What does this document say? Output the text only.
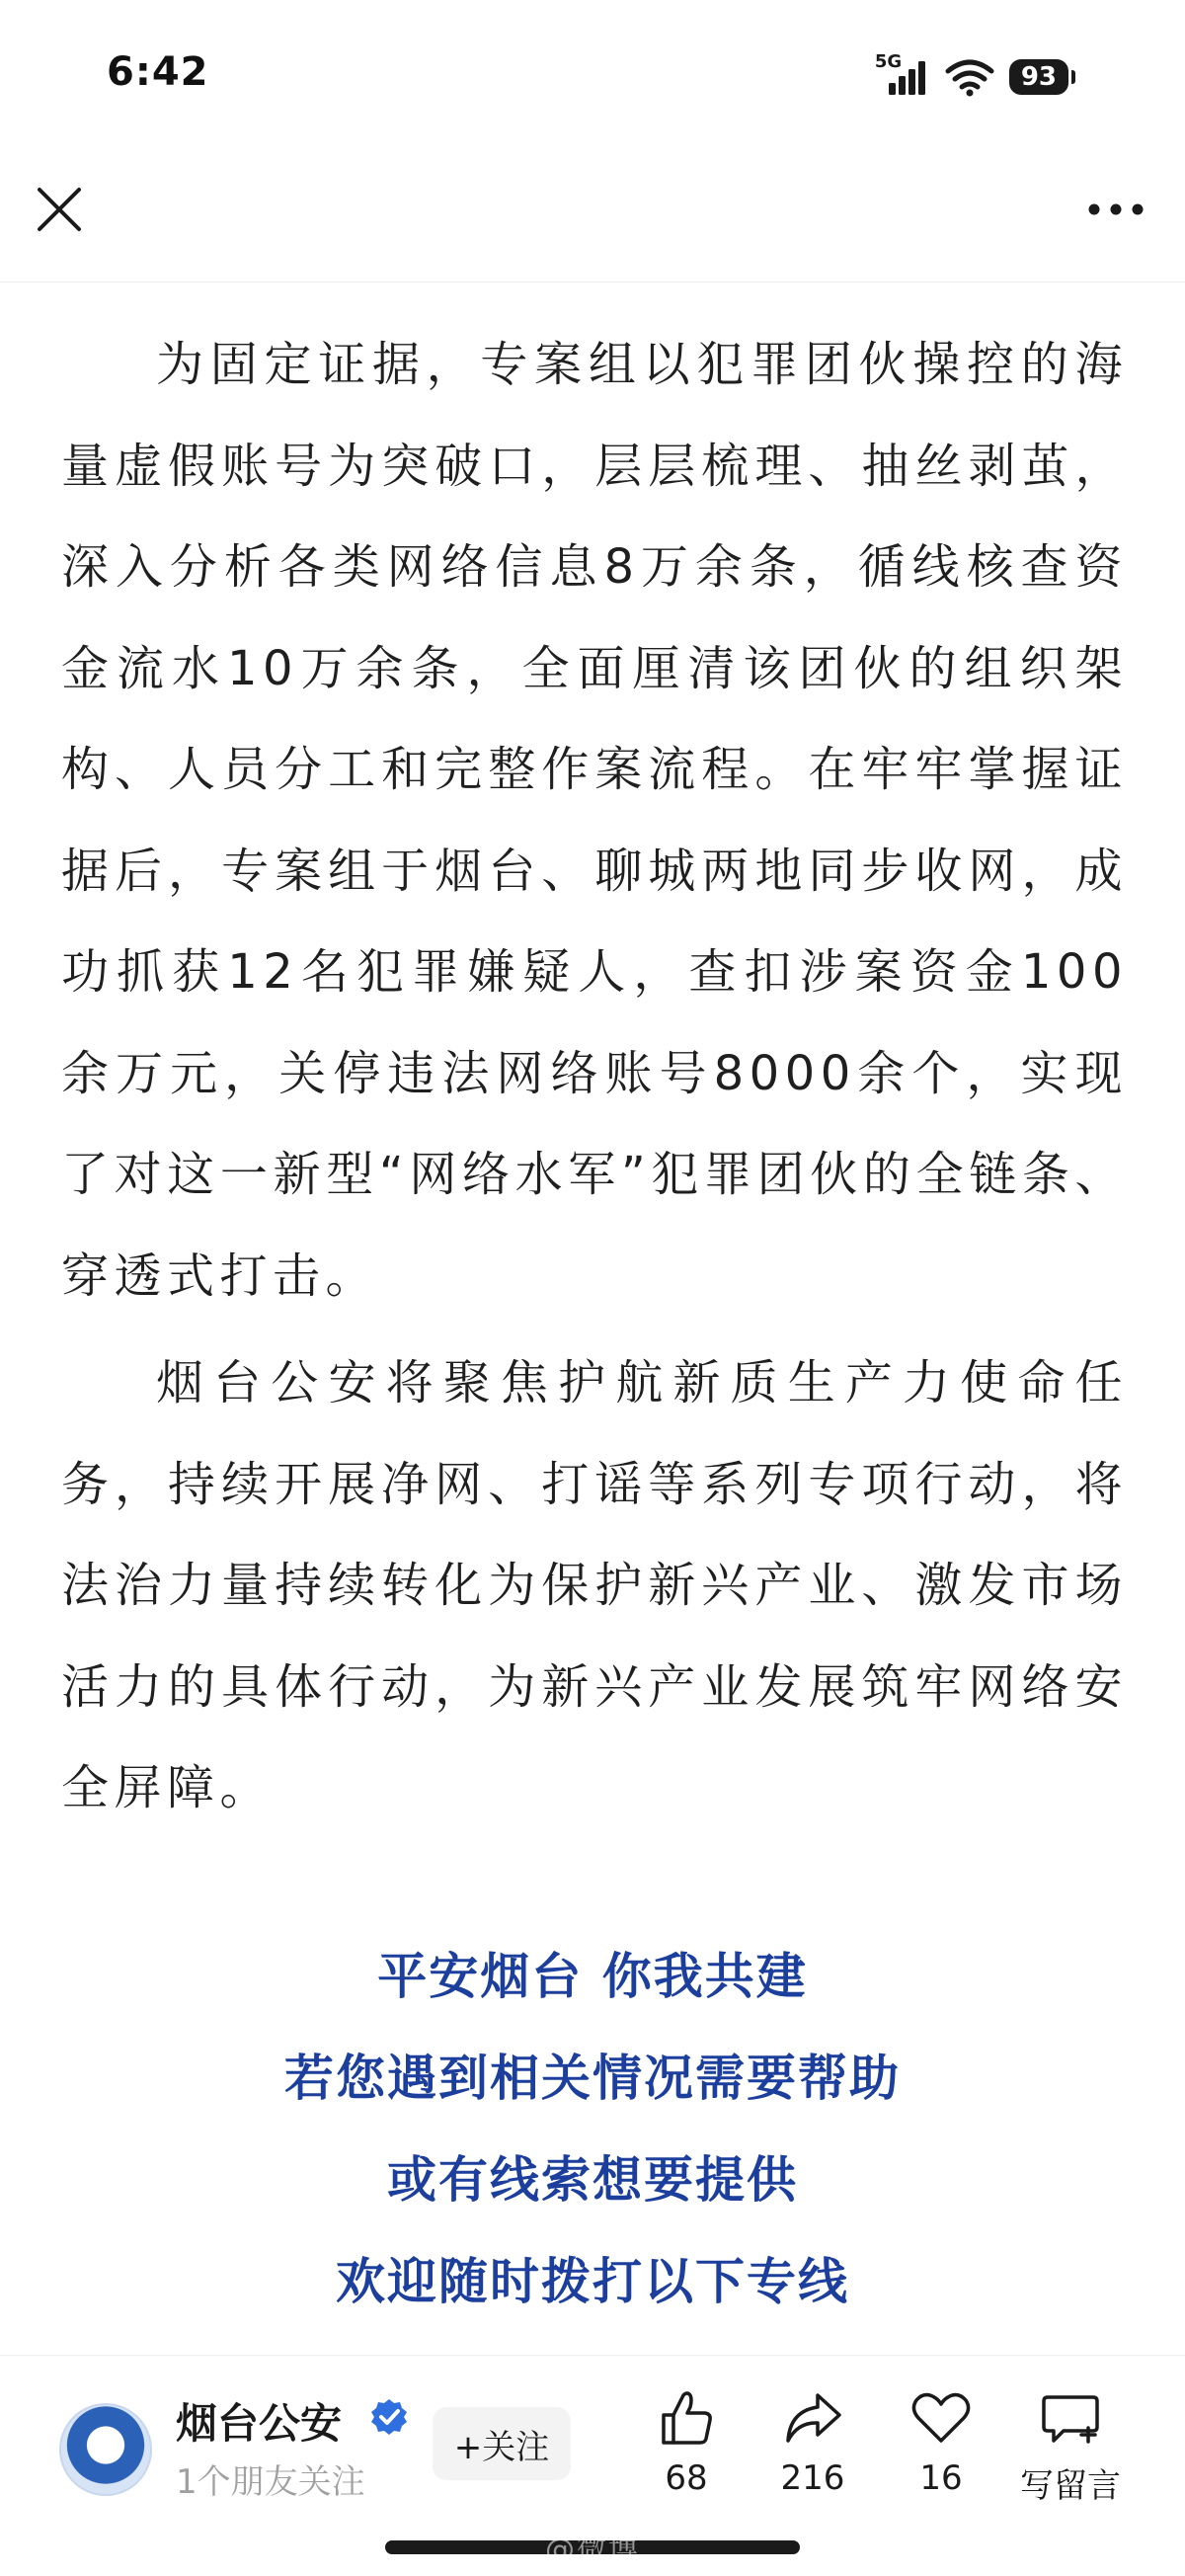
6:42	5G
93

为固定证据，专案组以犯罪团伙操控的海量虚假账号为突破口，层层梳理、抽丝剥茧，深入分析各类网络信息8万余条，循线核查资金流水10万余条，全面厘清该团伙的组织架构、人员分工和完整作案流程。在牢牢掌握证据后，专案组于烟台、聊城两地同步收网，成功抓获12名犯罪嫌疑人，查扣涉案资金100余万元，关停违法网络账号8000余个，实现了对这一新型“网络水军”犯罪团伙的全链条、穿透式打击。

烟台公安将聚焦护航新质生产力使命任务，持续开展净网、打谣等系列专项行动，将法治力量持续转化为保护新兴产业、激发市场活力的具体行动，为新兴产业发展筑牢网络安全屏障。

平安烟台 你我共建
若您遇到相关情况需要帮助
或有线索想要提供
欢迎随时拨打以下专线
烟台公安
1个朋友关注
+关注
68	216	16	写留言
@微博
